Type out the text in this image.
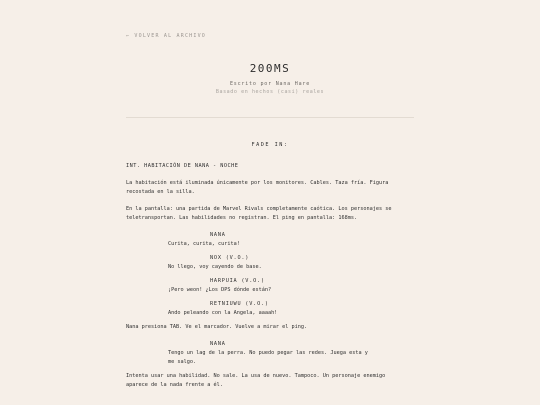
← VOLVER AL ARCHIVO
200MS
Escrito por Nana Hare
Basado en hechos (casi) reales
FADE IN:
INT. HABITACIÓN DE NANA - NOCHE
La habitación está iluminada únicamente por los monitores. Cables. Taza fría. Figura recostada en la silla.
En la pantalla: una partida de Marvel Rivals completamente caótica. Los personajes se teletransportan. Las habilidades no registran. El ping en pantalla: 168ms.
NANA
Curita, curita, curita!
NOX (V.O.)
No llego, voy cayendo de base.
HARPUIA (V.O.)
¡Pero weon! ¿Los DPS dónde están?
RETNIUWU (V.O.)
Ando peleando con la Angela, aaaah!
Nana presiona TAB. Ve el marcador. Vuelve a mirar el ping.
NANA
Tengo un lag de la perra. No puedo pegar las redes. Juega esta y me salgo.
Intenta usar una habilidad. No sale. La usa de nuevo. Tampoco. Un personaje enemigo aparece de la nada frente a él.
